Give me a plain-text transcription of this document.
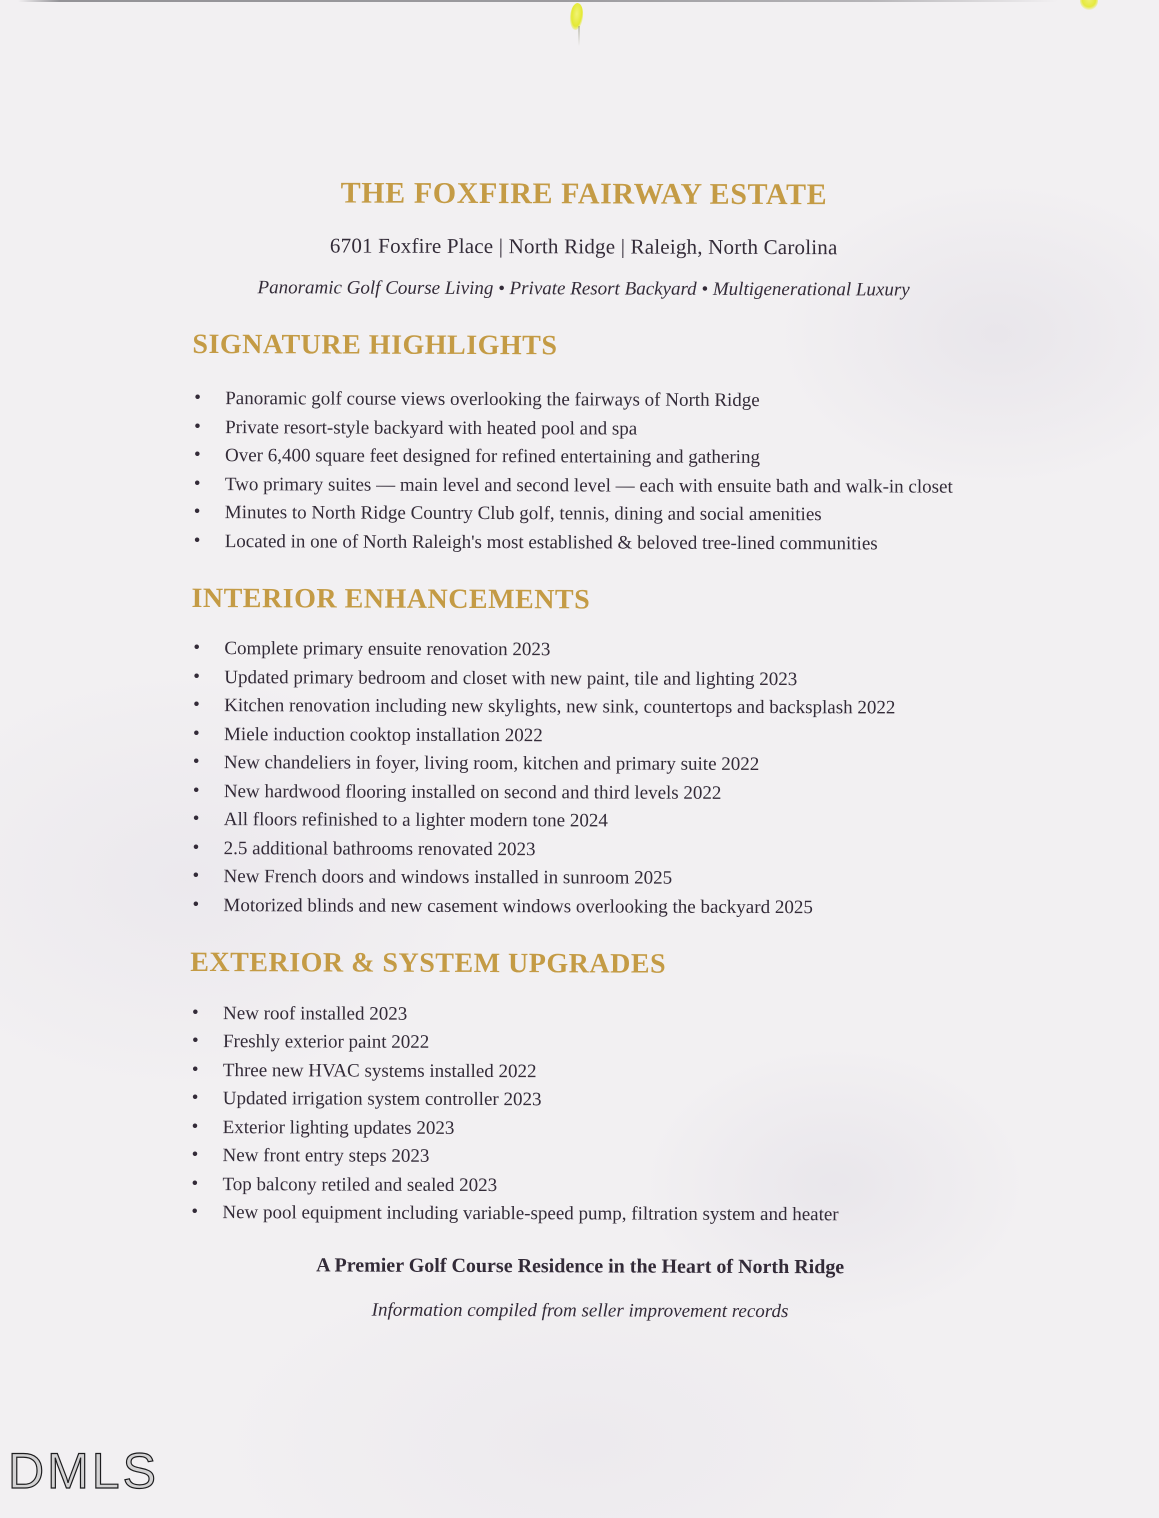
THE FOXFIRE FAIRWAY ESTATE

6701 Foxfire Place | North Ridge | Raleigh, North Carolina

Panoramic Golf Course Living • Private Resort Backyard • Multigenerational Luxury

SIGNATURE HIGHLIGHTS
• Panoramic golf course views overlooking the fairways of North Ridge
• Private resort-style backyard with heated pool and spa
• Over 6,400 square feet designed for refined entertaining and gathering
• Two primary suites — main level and second level — each with ensuite bath and walk-in closet
• Minutes to North Ridge Country Club golf, tennis, dining and social amenities
• Located in one of North Raleigh's most established & beloved tree-lined communities
INTERIOR ENHANCEMENTS
• Complete primary ensuite renovation 2023
• Updated primary bedroom and closet with new paint, tile and lighting 2023
• Kitchen renovation including new skylights, new sink, countertops and backsplash 2022
• Miele induction cooktop installation 2022
• New chandeliers in foyer, living room, kitchen and primary suite 2022
• New hardwood flooring installed on second and third levels 2022
• All floors refinished to a lighter modern tone 2024
• 2.5 additional bathrooms renovated 2023
• New French doors and windows installed in sunroom 2025
• Motorized blinds and new casement windows overlooking the backyard 2025
EXTERIOR & SYSTEM UPGRADES
• New roof installed 2023
• Freshly exterior paint 2022
• Three new HVAC systems installed 2022
• Updated irrigation system controller 2023
• Exterior lighting updates 2023
• New front entry steps 2023
• Top balcony retiled and sealed 2023
• New pool equipment including variable-speed pump, filtration system and heater

A Premier Golf Course Residence in the Heart of North Ridge

Information compiled from seller improvement records

DMLS
